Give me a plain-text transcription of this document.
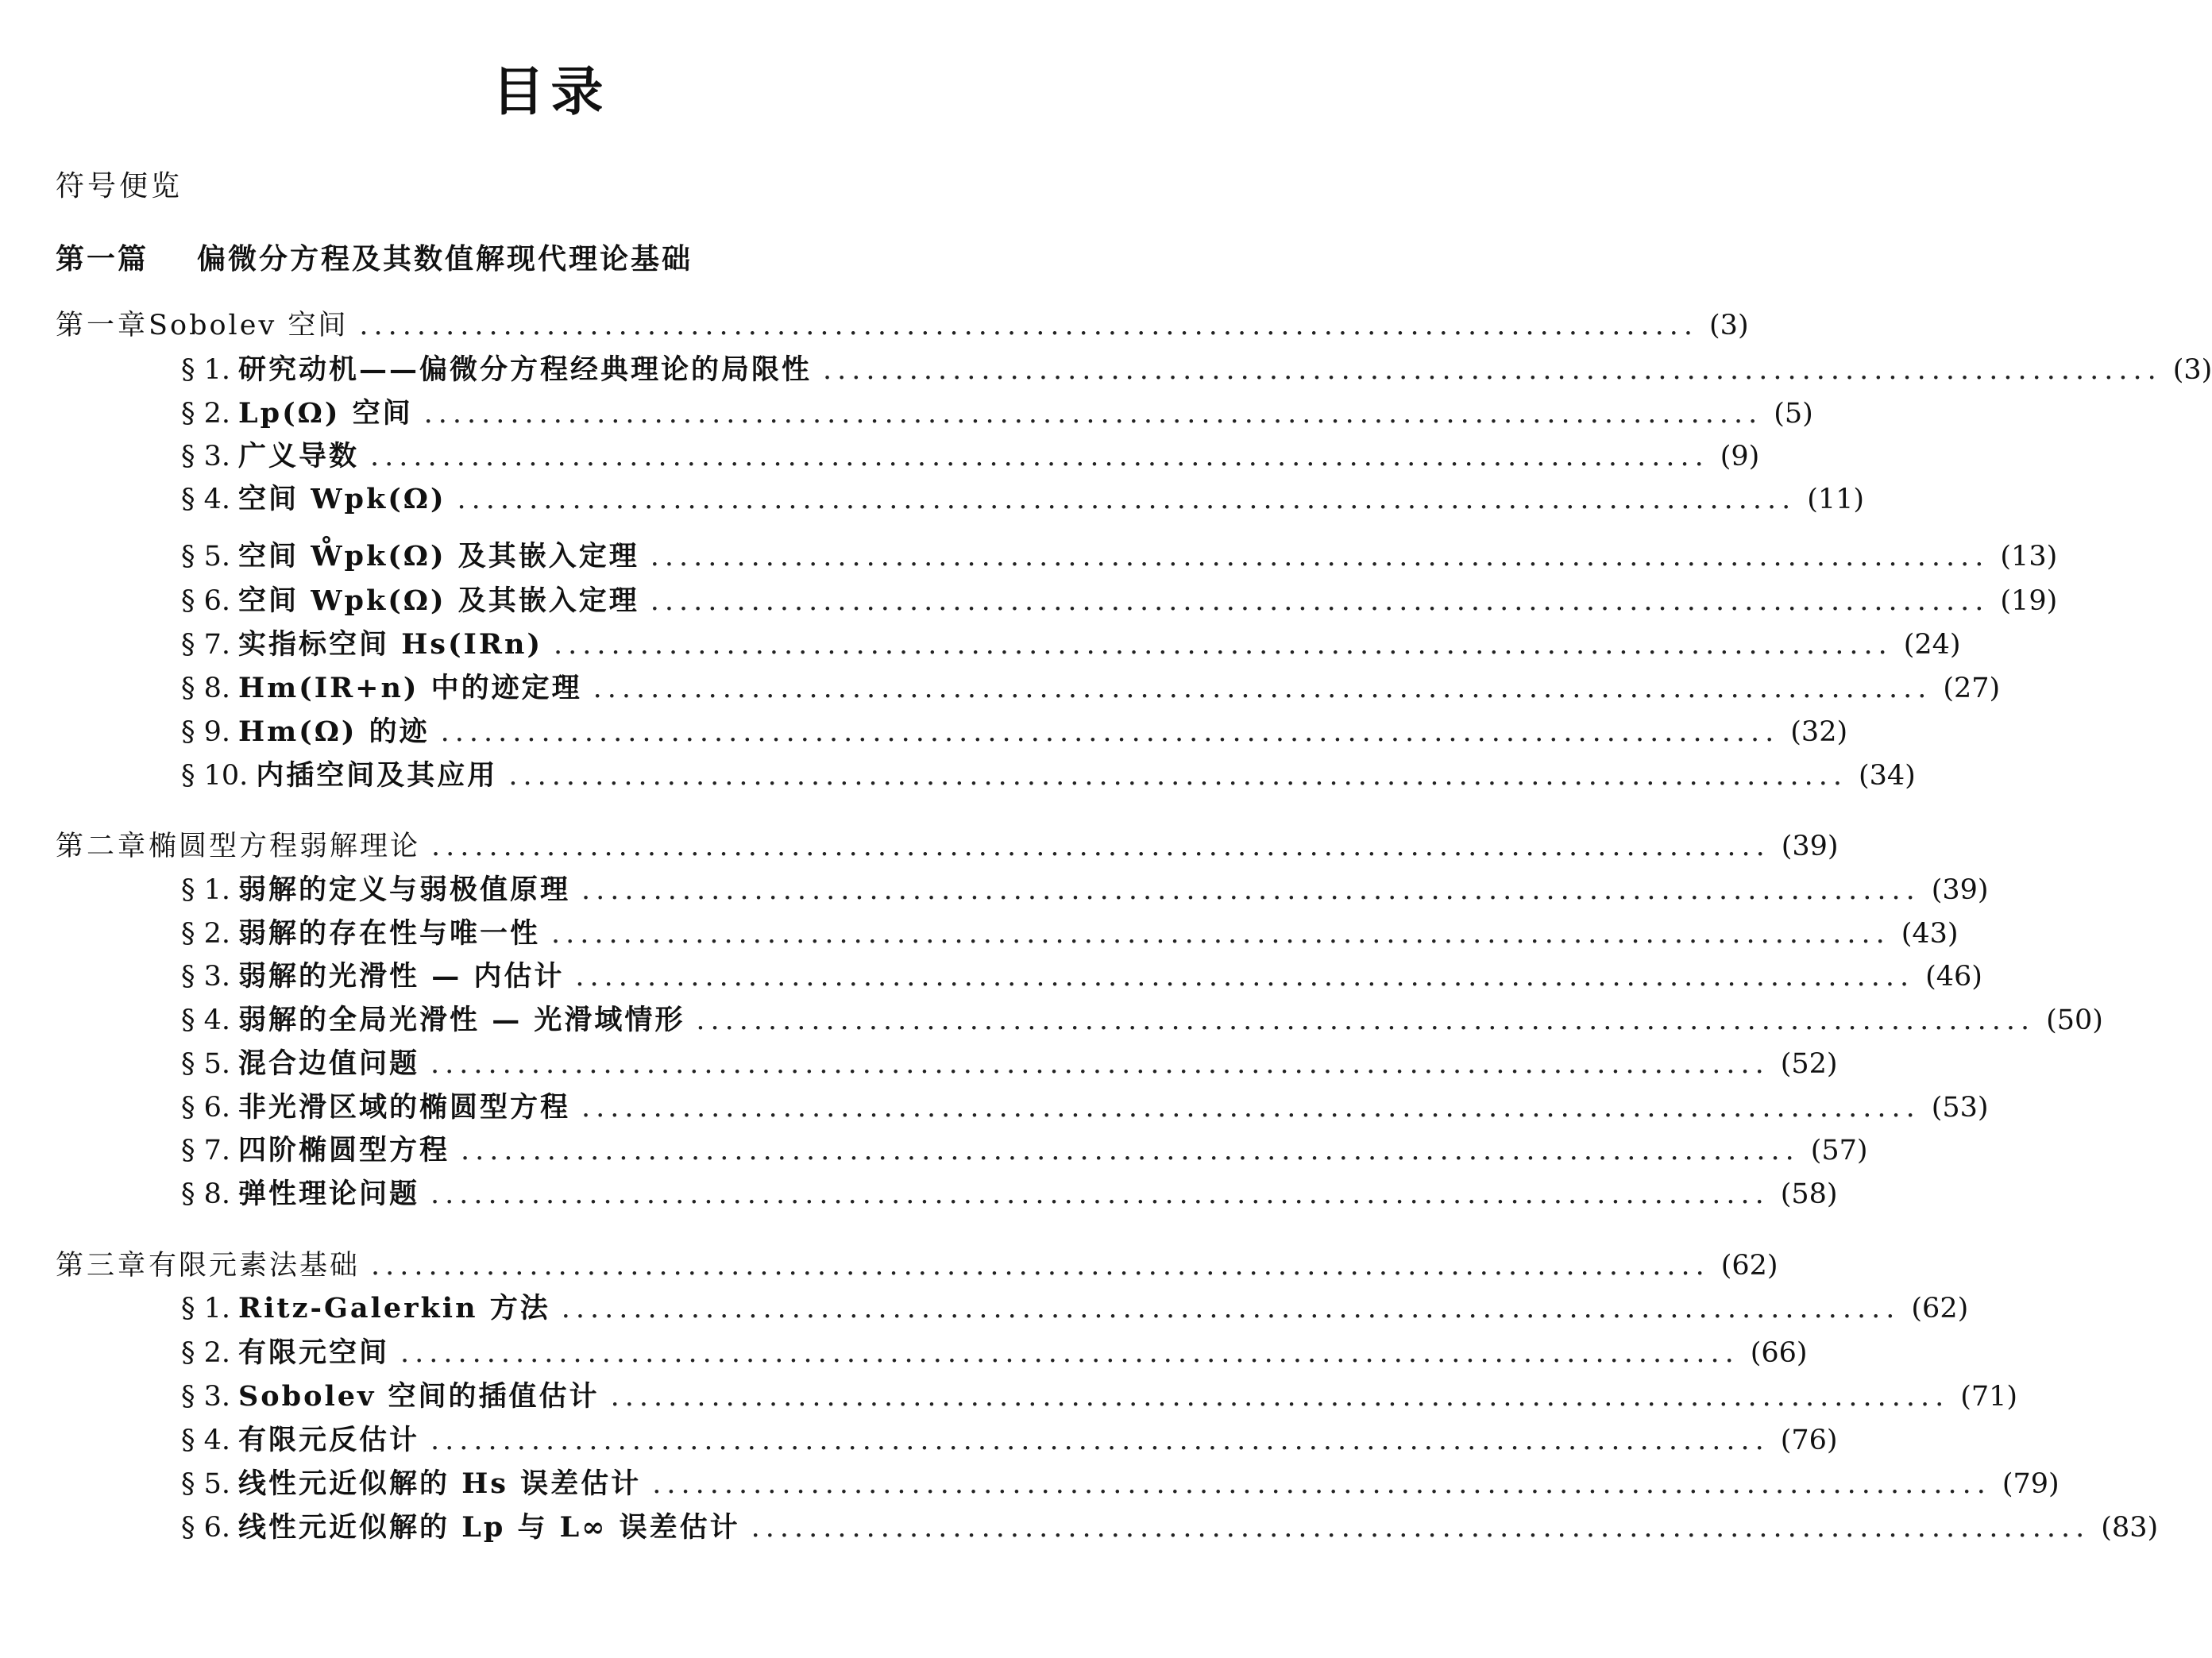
目录
符号便览
第一篇 偏微分方程及其数值解现代理论基础
第一章 Sobolev 空间 ............................................................................................. (3)
§ 1. 研究动机——偏微分方程经典理论的局限性 ............................................................................................. (3)
§ 2. Lp(Ω) 空间 ............................................................................................. (5)
§ 3. 广义导数 ............................................................................................. (9)
§ 4. 空间 Wpk(Ω) ............................................................................................. (11)
§ 5. 空间 W̊pk(Ω) 及其嵌入定理 ............................................................................................. (13)
§ 6. 空间 Wpk(Ω) 及其嵌入定理 ............................................................................................. (19)
§ 7. 实指标空间 Hs(IRn) ............................................................................................. (24)
§ 8. Hm(IR+n) 中的迹定理 ............................................................................................. (27)
§ 9. Hm(Ω) 的迹 ............................................................................................. (32)
§ 10. 内插空间及其应用 ............................................................................................. (34)
第二章 椭圆型方程弱解理论 ............................................................................................. (39)
§ 1. 弱解的定义与弱极值原理 ............................................................................................. (39)
§ 2. 弱解的存在性与唯一性 ............................................................................................. (43)
§ 3. 弱解的光滑性 — 内估计 ............................................................................................. (46)
§ 4. 弱解的全局光滑性 — 光滑域情形 ............................................................................................. (50)
§ 5. 混合边值问题 ............................................................................................. (52)
§ 6. 非光滑区域的椭圆型方程 ............................................................................................. (53)
§ 7. 四阶椭圆型方程 ............................................................................................. (57)
§ 8. 弹性理论问题 ............................................................................................. (58)
第三章 有限元素法基础 ............................................................................................. (62)
§ 1. Ritz-Galerkin 方法 ............................................................................................. (62)
§ 2. 有限元空间 ............................................................................................. (66)
§ 3. Sobolev 空间的插值估计 ............................................................................................. (71)
§ 4. 有限元反估计 ............................................................................................. (76)
§ 5. 线性元近似解的 Hs 误差估计 ............................................................................................. (79)
§ 6. 线性元近似解的 Lp 与 L∞ 误差估计 ............................................................................................. (83)
